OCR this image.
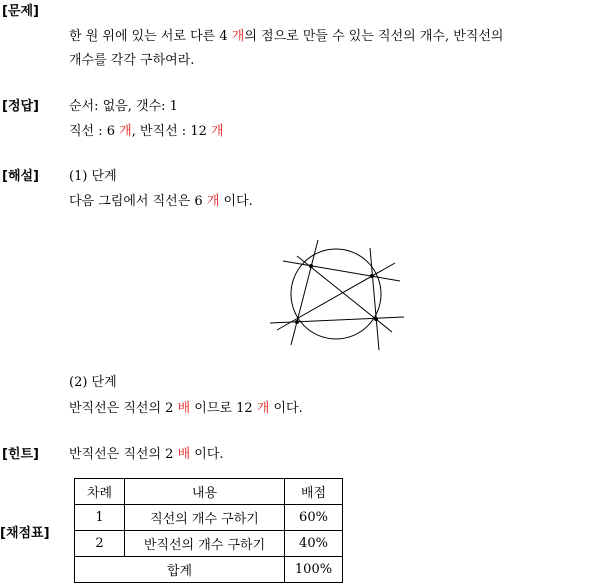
[문제]
한 원 위에 있는 서로 다른 4 개의 점으로 만들 수 있는 직선의 개수, 반직선의
개수를 각각 구하여라.
[정답] 순서: 없음, 갯수: 1
직선 : 6 개, 반직선 : 12 개
[해설] (1) 단계
다음 그림에서 직선은 6 개 이다.
(2) 단계
반직선은 직선의 2 배 이므로 12 개 이다.
[힌트] 반직선은 직선의 2 배 이다.
[채점표]
차례	내용	배점
1	직선의 개수 구하기	60%
2	반직선의 개수 구하기	40%
합계		100%
